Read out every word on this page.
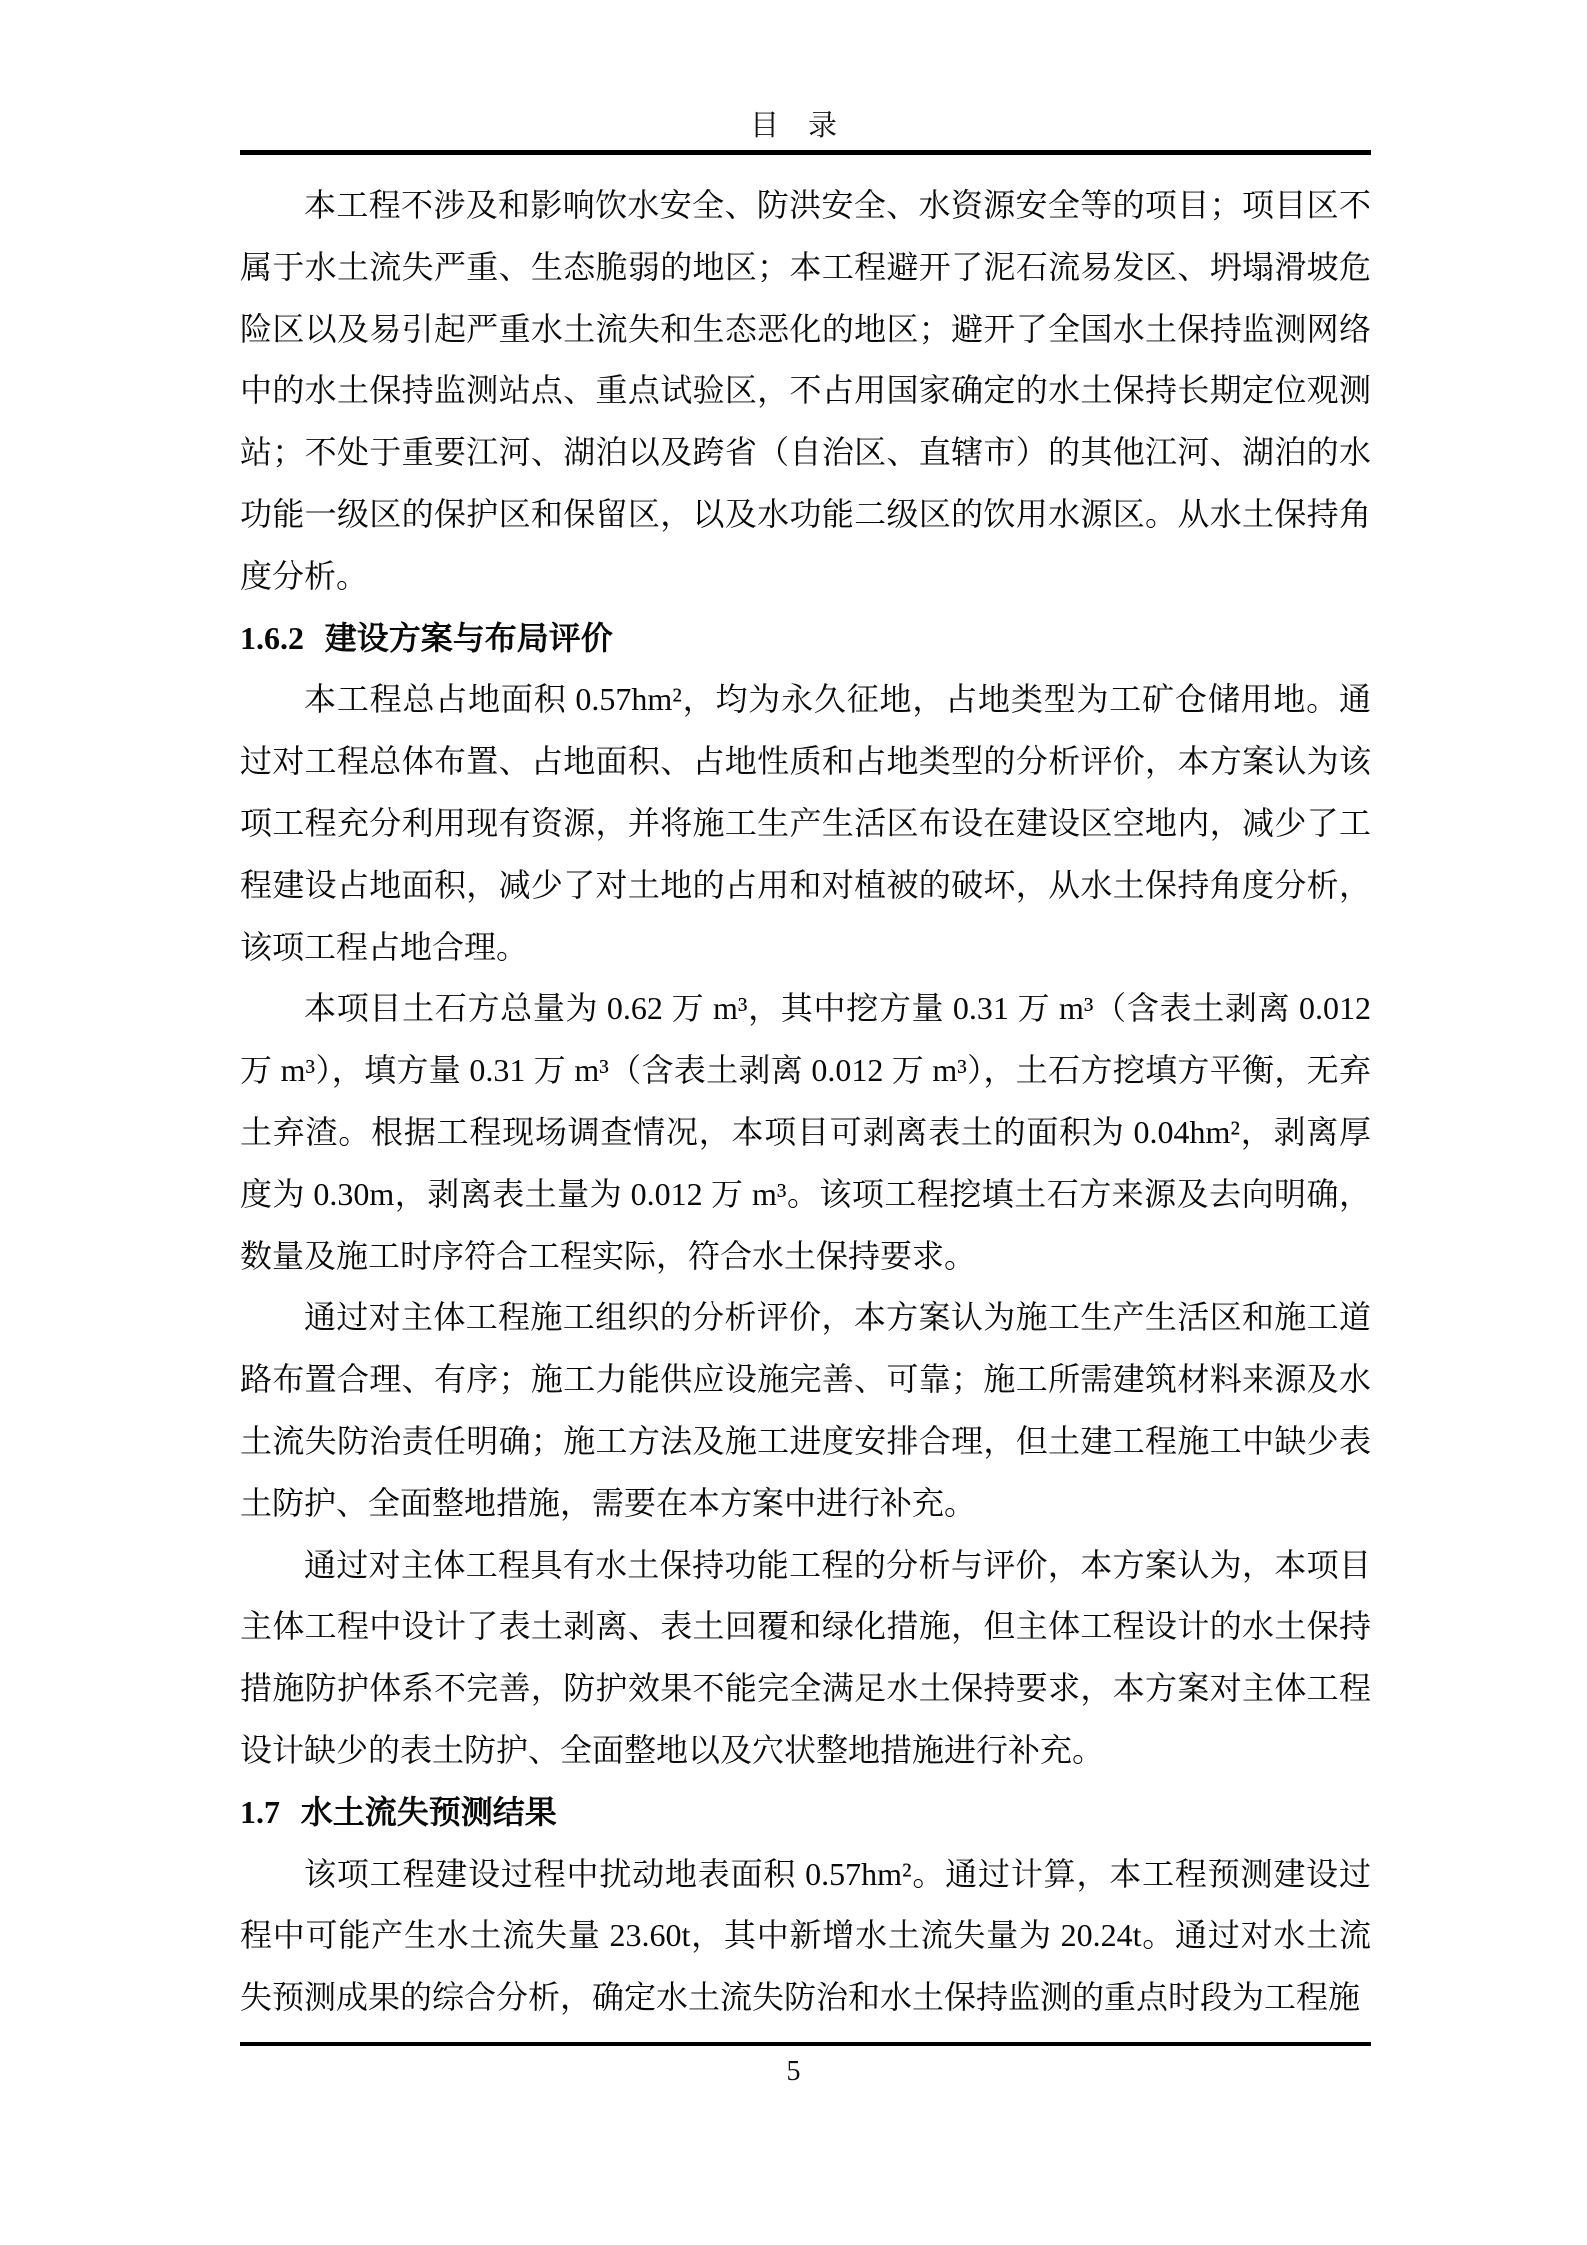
目　录

本工程不涉及和影响饮水安全、防洪安全、水资源安全等的项目；项目区不属于水土流失严重、生态脆弱的地区；本工程避开了泥石流易发区、坍塌滑坡危险区以及易引起严重水土流失和生态恶化的地区；避开了全国水土保持监测网络中的水土保持监测站点、重点试验区，不占用国家确定的水土保持长期定位观测站；不处于重要江河、湖泊以及跨省（自治区、直辖市）的其他江河、湖泊的水功能一级区的保护区和保留区，以及水功能二级区的饮用水源区。从水土保持角度分析。

1.6.2 建设方案与布局评价

本工程总占地面积 0.57hm²，均为永久征地，占地类型为工矿仓储用地。通过对工程总体布置、占地面积、占地性质和占地类型的分析评价，本方案认为该项工程充分利用现有资源，并将施工生产生活区布设在建设区空地内，减少了工程建设占地面积，减少了对土地的占用和对植被的破坏，从水土保持角度分析，该项工程占地合理。

本项目土石方总量为 0.62 万 m³，其中挖方量 0.31 万 m³（含表土剥离 0.012 万 m³），填方量 0.31 万 m³（含表土剥离 0.012 万 m³），土石方挖填方平衡，无弃土弃渣。根据工程现场调查情况，本项目可剥离表土的面积为 0.04hm²，剥离厚度为 0.30m，剥离表土量为 0.012 万 m³。该项工程挖填土石方来源及去向明确，数量及施工时序符合工程实际，符合水土保持要求。

通过对主体工程施工组织的分析评价，本方案认为施工生产生活区和施工道路布置合理、有序；施工力能供应设施完善、可靠；施工所需建筑材料来源及水土流失防治责任明确；施工方法及施工进度安排合理，但土建工程施工中缺少表土防护、全面整地措施，需要在本方案中进行补充。

通过对主体工程具有水土保持功能工程的分析与评价，本方案认为，本项目主体工程中设计了表土剥离、表土回覆和绿化措施，但主体工程设计的水土保持措施防护体系不完善，防护效果不能完全满足水土保持要求，本方案对主体工程设计缺少的表土防护、全面整地以及穴状整地措施进行补充。

1.7 水土流失预测结果

该项工程建设过程中扰动地表面积 0.57hm²。通过计算，本工程预测建设过程中可能产生水土流失量 23.60t，其中新增水土流失量为 20.24t。通过对水土流失预测成果的综合分析，确定水土流失防治和水土保持监测的重点时段为工程施

5
